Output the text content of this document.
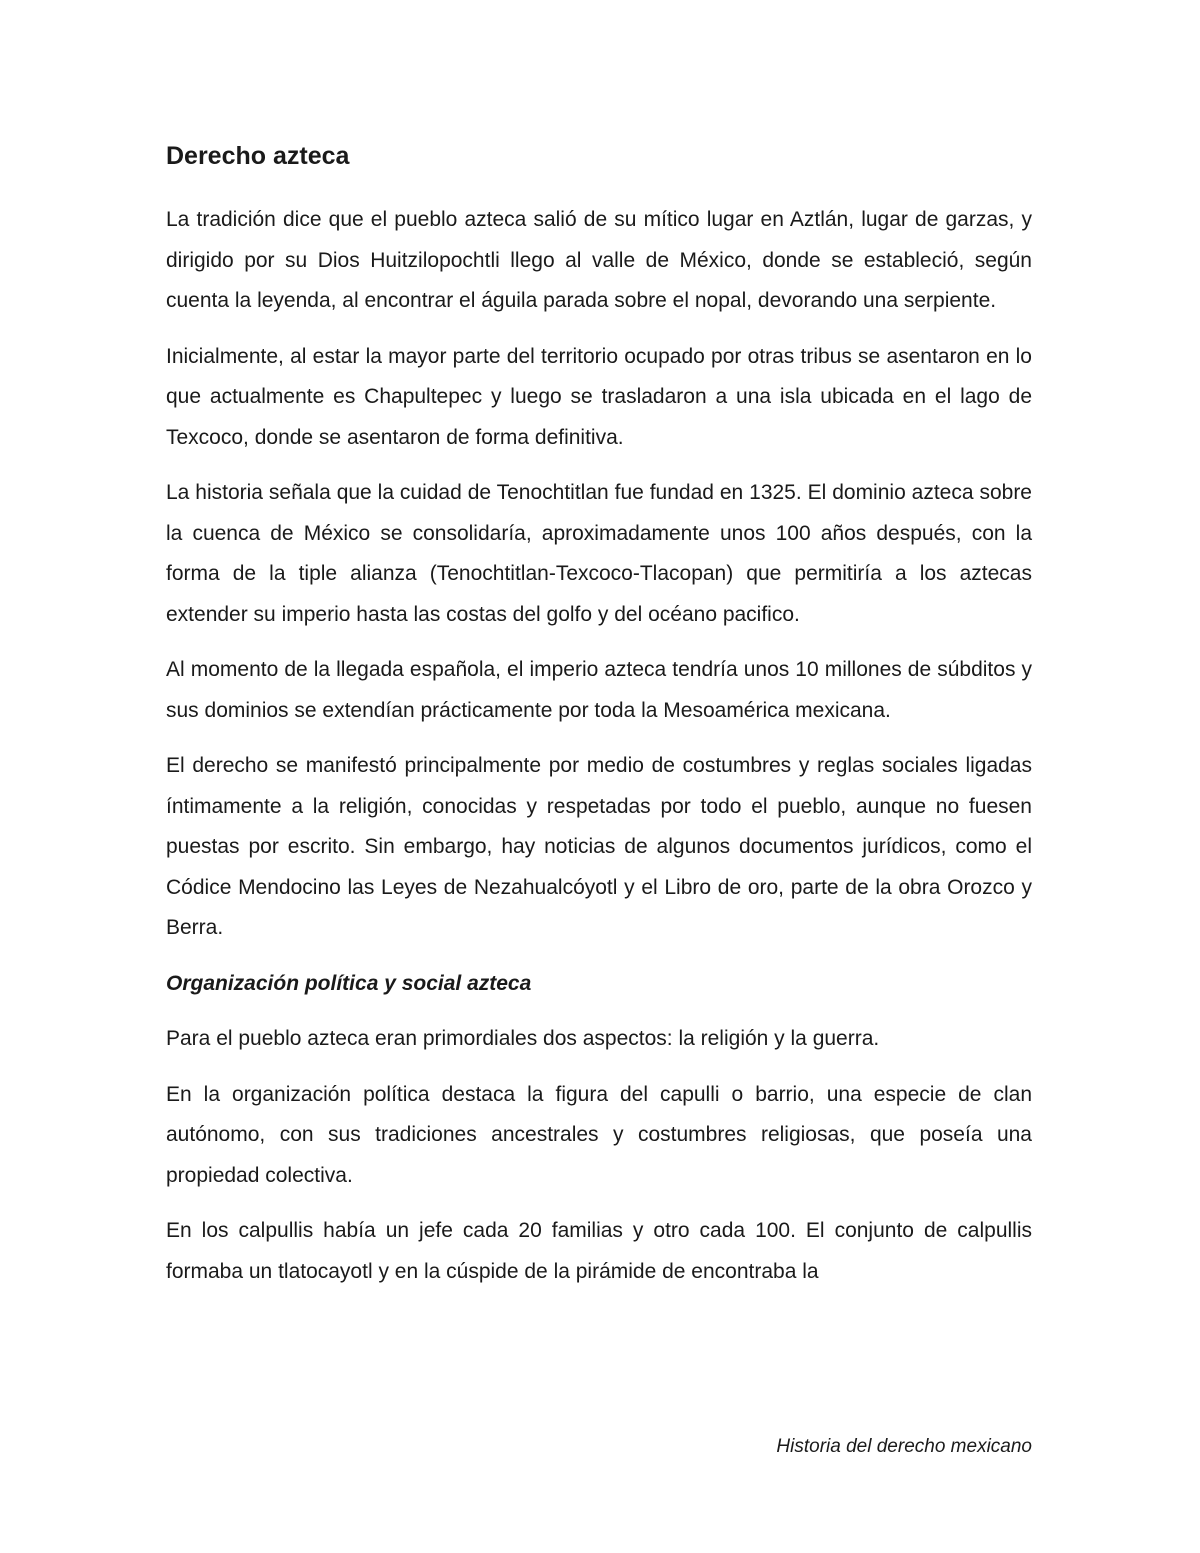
Derecho azteca

La tradición dice que el pueblo azteca salió de su mítico lugar en Aztlán, lugar de garzas, y dirigido por su Dios Huitzilopochtli llego al valle de México, donde se estableció, según cuenta la leyenda, al encontrar el águila parada sobre el nopal, devorando una serpiente.

Inicialmente, al estar la mayor parte del territorio ocupado por otras tribus se asentaron en lo que actualmente es Chapultepec y luego se trasladaron a una isla ubicada en el lago de Texcoco, donde se asentaron de forma definitiva.

La historia señala que la cuidad de Tenochtitlan fue fundad en 1325. El dominio azteca sobre la cuenca de México se consolidaría, aproximadamente unos 100 años después, con la forma de la tiple alianza (Tenochtitlan-Texcoco-Tlacopan) que permitiría a los aztecas extender su imperio hasta las costas del golfo y del océano pacifico.

Al momento de la llegada española, el imperio azteca tendría unos 10 millones de súbditos y sus dominios se extendían prácticamente por toda la Mesoamérica mexicana.

El derecho se manifestó principalmente por medio de costumbres y reglas sociales ligadas íntimamente a la religión, conocidas y respetadas por todo el pueblo, aunque no fuesen puestas por escrito. Sin embargo, hay noticias de algunos documentos jurídicos, como el Códice Mendocino las Leyes de Nezahualcóyotl y el Libro de oro, parte de la obra Orozco y Berra.

Organización política y social azteca

Para el pueblo azteca eran primordiales dos aspectos: la religión y la guerra.

En la organización política destaca la figura del capulli o barrio, una especie de clan autónomo, con sus tradiciones ancestrales y costumbres religiosas, que poseía una propiedad colectiva.

En los calpullis había un jefe cada 20 familias y otro cada 100. El conjunto de calpullis formaba un tlatocayotl y en la cúspide de la pirámide de encontraba la

Historia del derecho mexicano
